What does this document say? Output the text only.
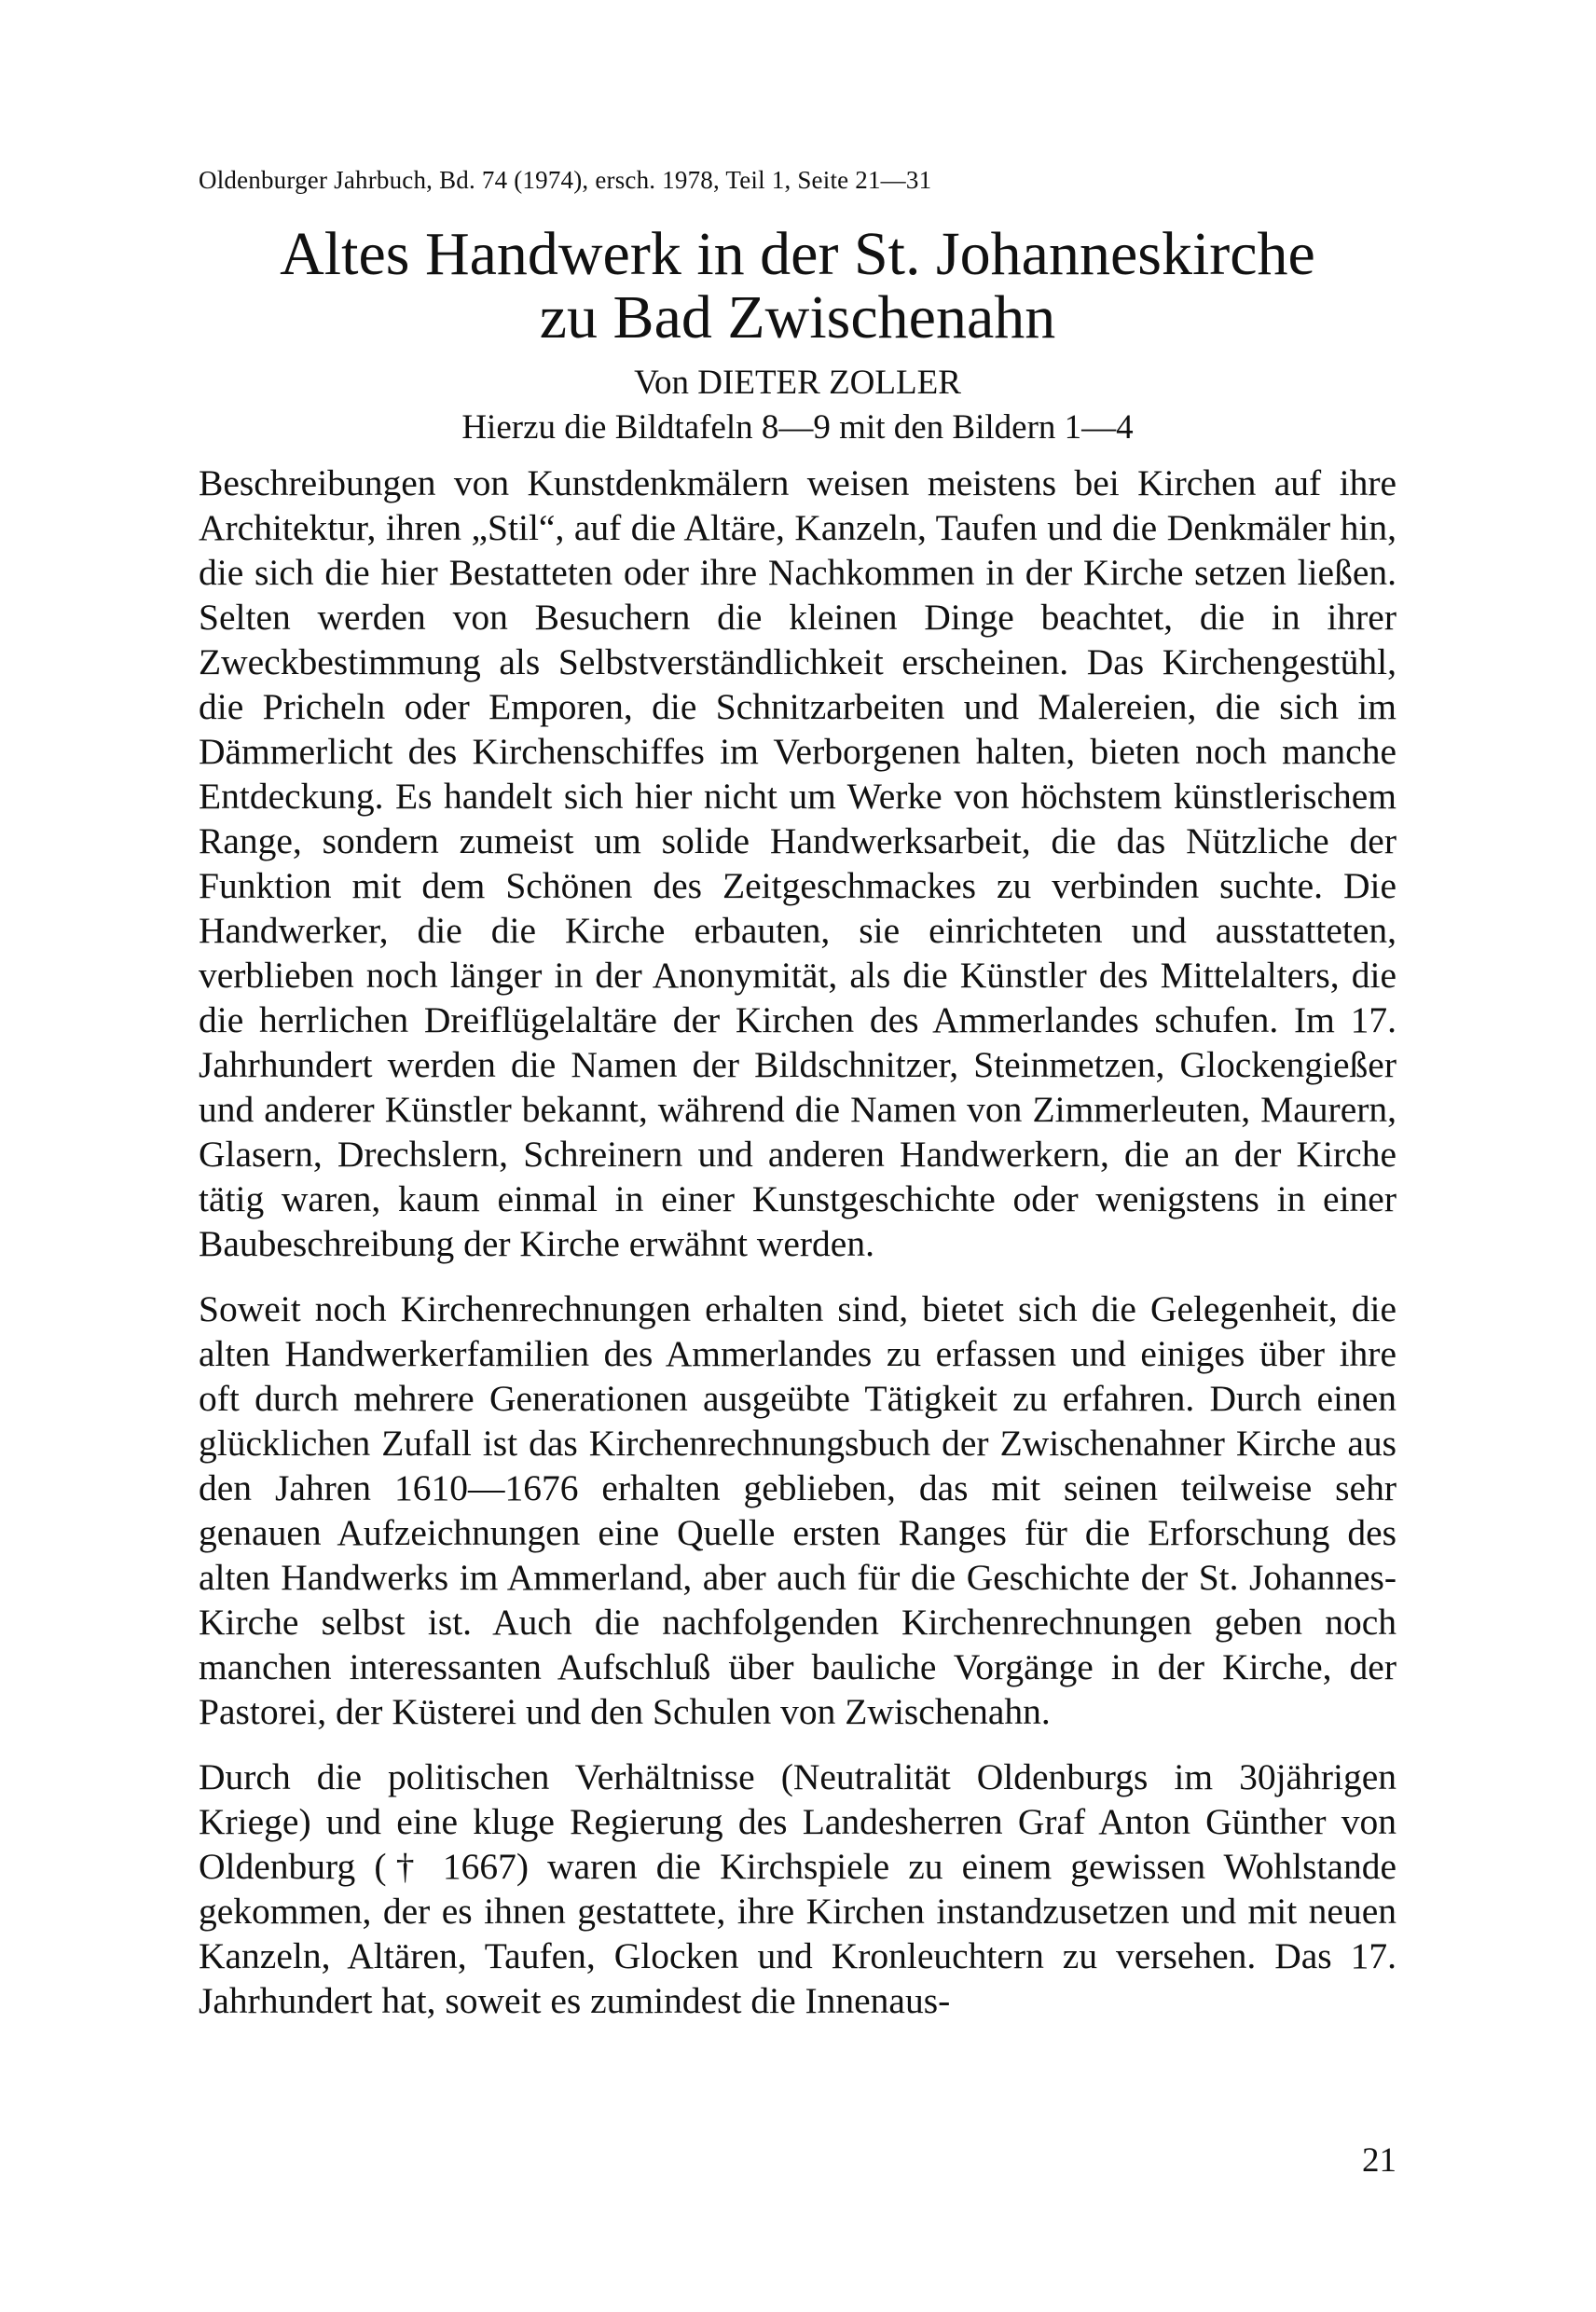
Oldenburger Jahrbuch, Bd. 74 (1974), ersch. 1978, Teil 1, Seite 21—31
Altes Handwerk in der St. Johanneskirche
zu Bad Zwischenahn
Von DIETER ZOLLER
Hierzu die Bildtafeln 8—9 mit den Bildern 1—4

Beschreibungen von Kunstdenkmälern weisen meistens bei Kirchen auf ihre Architektur, ihren „Stil“, auf die Altäre, Kanzeln, Taufen und die Denkmäler hin, die sich die hier Bestatteten oder ihre Nachkommen in der Kirche setzen ließen. Selten werden von Besuchern die kleinen Dinge beachtet, die in ihrer Zweckbestimmung als Selbstverständlichkeit erscheinen. Das Kirchengestühl, die Pricheln oder Emporen, die Schnitzarbeiten und Malereien, die sich im Dämmerlicht des Kirchenschiffes im Verborgenen halten, bieten noch manche Entdeckung. Es handelt sich hier nicht um Werke von höchstem künstlerischem Range, sondern zumeist um solide Handwerksarbeit, die das Nützliche der Funktion mit dem Schönen des Zeitgeschmackes zu verbinden suchte. Die Handwerker, die die Kirche erbauten, sie einrichteten und ausstatteten, verblieben noch länger in der Anonymität, als die Künstler des Mittelalters, die die herrlichen Dreiflügelaltäre der Kirchen des Ammerlandes schufen. Im 17. Jahrhundert werden die Namen der Bildschnitzer, Steinmetzen, Glockengießer und anderer Künstler bekannt, während die Namen von Zimmerleuten, Maurern, Glasern, Drechslern, Schreinern und anderen Handwerkern, die an der Kirche tätig waren, kaum einmal in einer Kunstgeschichte oder wenigstens in einer Baubeschreibung der Kirche erwähnt werden.

Soweit noch Kirchenrechnungen erhalten sind, bietet sich die Gelegenheit, die alten Handwerkerfamilien des Ammerlandes zu erfassen und einiges über ihre oft durch mehrere Generationen ausgeübte Tätigkeit zu erfahren. Durch einen glücklichen Zufall ist das Kirchenrechnungsbuch der Zwischenahner Kirche aus den Jahren 1610—1676 erhalten geblieben, das mit seinen teilweise sehr genauen Aufzeichnungen eine Quelle ersten Ranges für die Erforschung des alten Handwerks im Ammerland, aber auch für die Geschichte der St. Johannes-Kirche selbst ist. Auch die nachfolgenden Kirchenrechnungen geben noch manchen interessanten Aufschluß über bauliche Vorgänge in der Kirche, der Pastorei, der Küsterei und den Schulen von Zwischenahn.

Durch die politischen Verhältnisse (Neutralität Oldenburgs im 30jährigen Kriege) und eine kluge Regierung des Landesherren Graf Anton Günther von Oldenburg († 1667) waren die Kirchspiele zu einem gewissen Wohlstande gekommen, der es ihnen gestattete, ihre Kirchen instandzusetzen und mit neuen Kanzeln, Altären, Taufen, Glocken und Kronleuchtern zu versehen. Das 17. Jahrhundert hat, soweit es zumindest die Innenaus-

21
